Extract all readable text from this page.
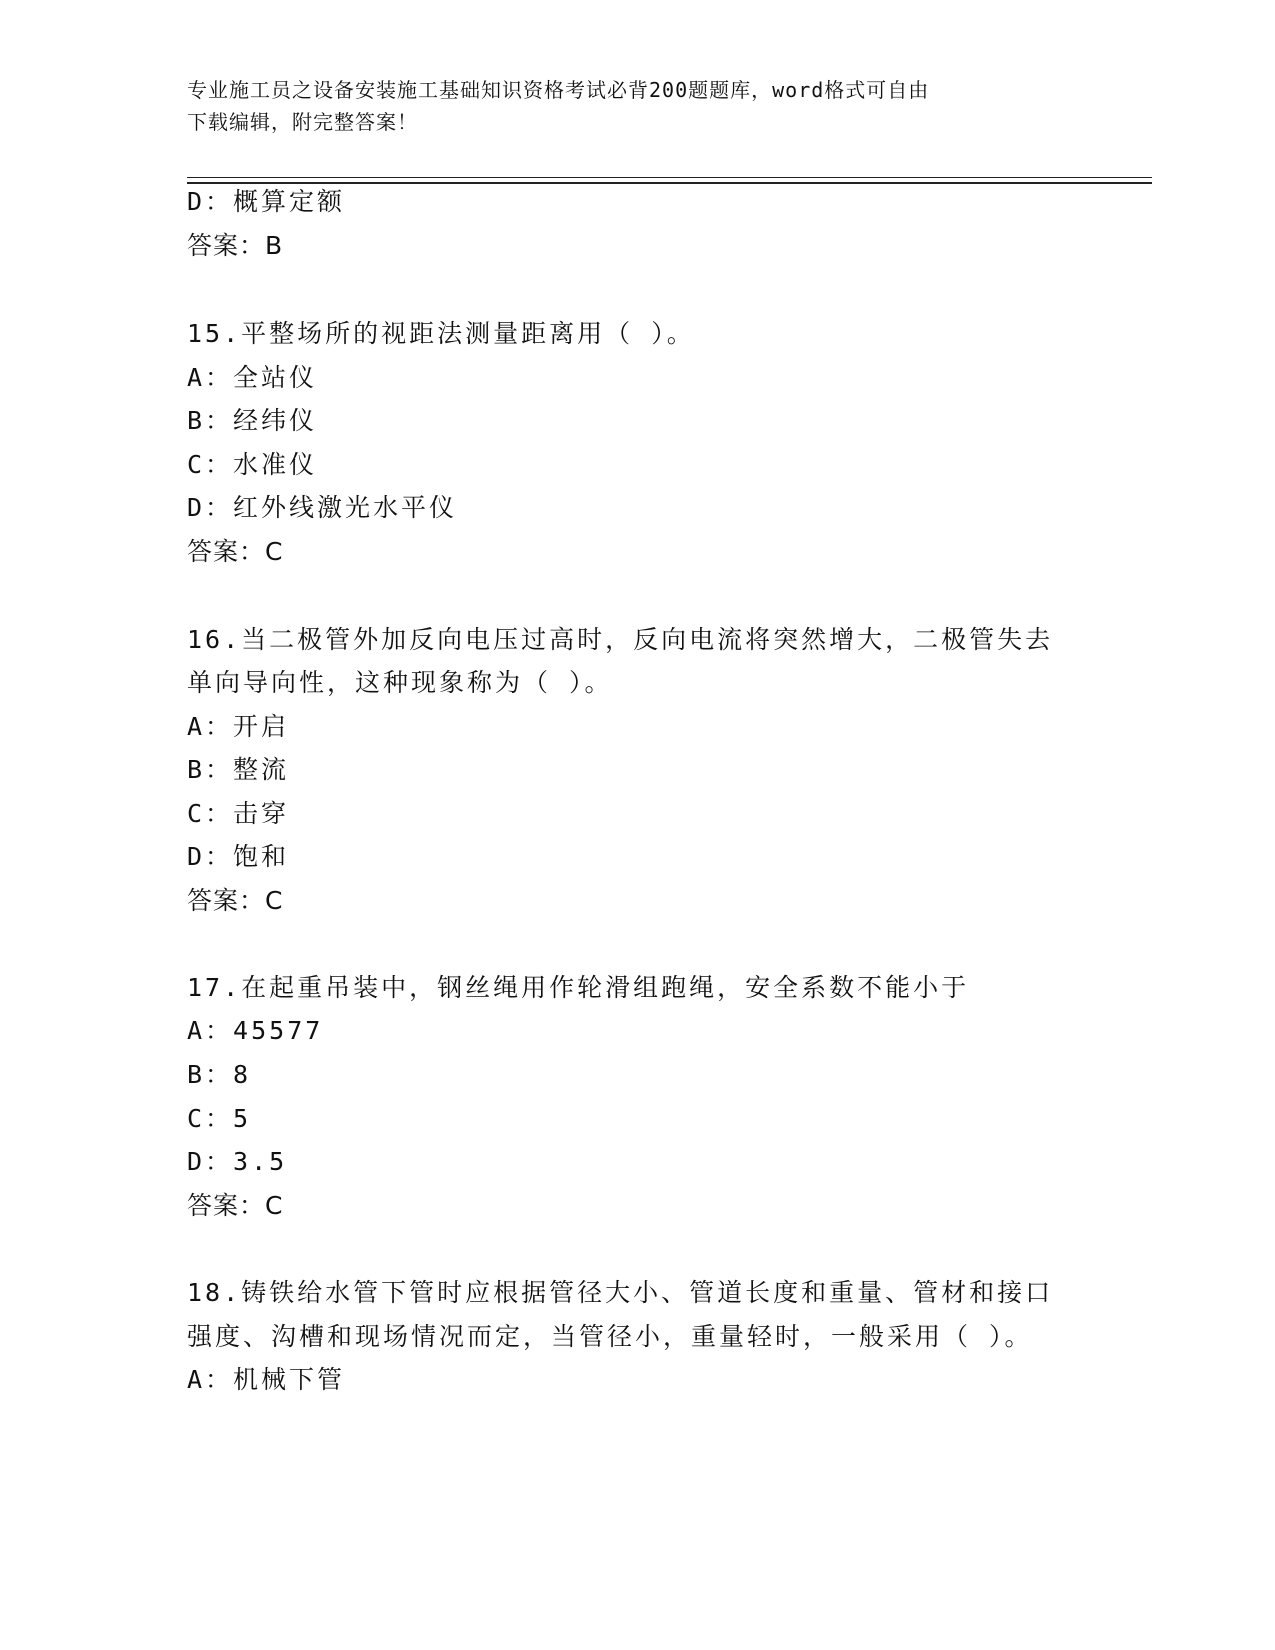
专业施工员之设备安装施工基础知识资格考试必背200题题库，word格式可自由
下载编辑，附完整答案！
D：概算定额
答案：B
15.平整场所的视距法测量距离用（ ）。
A：全站仪
B：经纬仪
C：水准仪
D：红外线激光水平仪
答案：C
16.当二极管外加反向电压过高时，反向电流将突然增大，二极管失去
单向导向性，这种现象称为（ ）。
A：开启
B：整流
C：击穿
D：饱和
答案：C
17.在起重吊装中，钢丝绳用作轮滑组跑绳，安全系数不能小于
A：45577
B：8
C：5
D：3.5
答案：C
18.铸铁给水管下管时应根据管径大小、管道长度和重量、管材和接口
强度、沟槽和现场情况而定，当管径小，重量轻时，一般采用（ ）。
A：机械下管
